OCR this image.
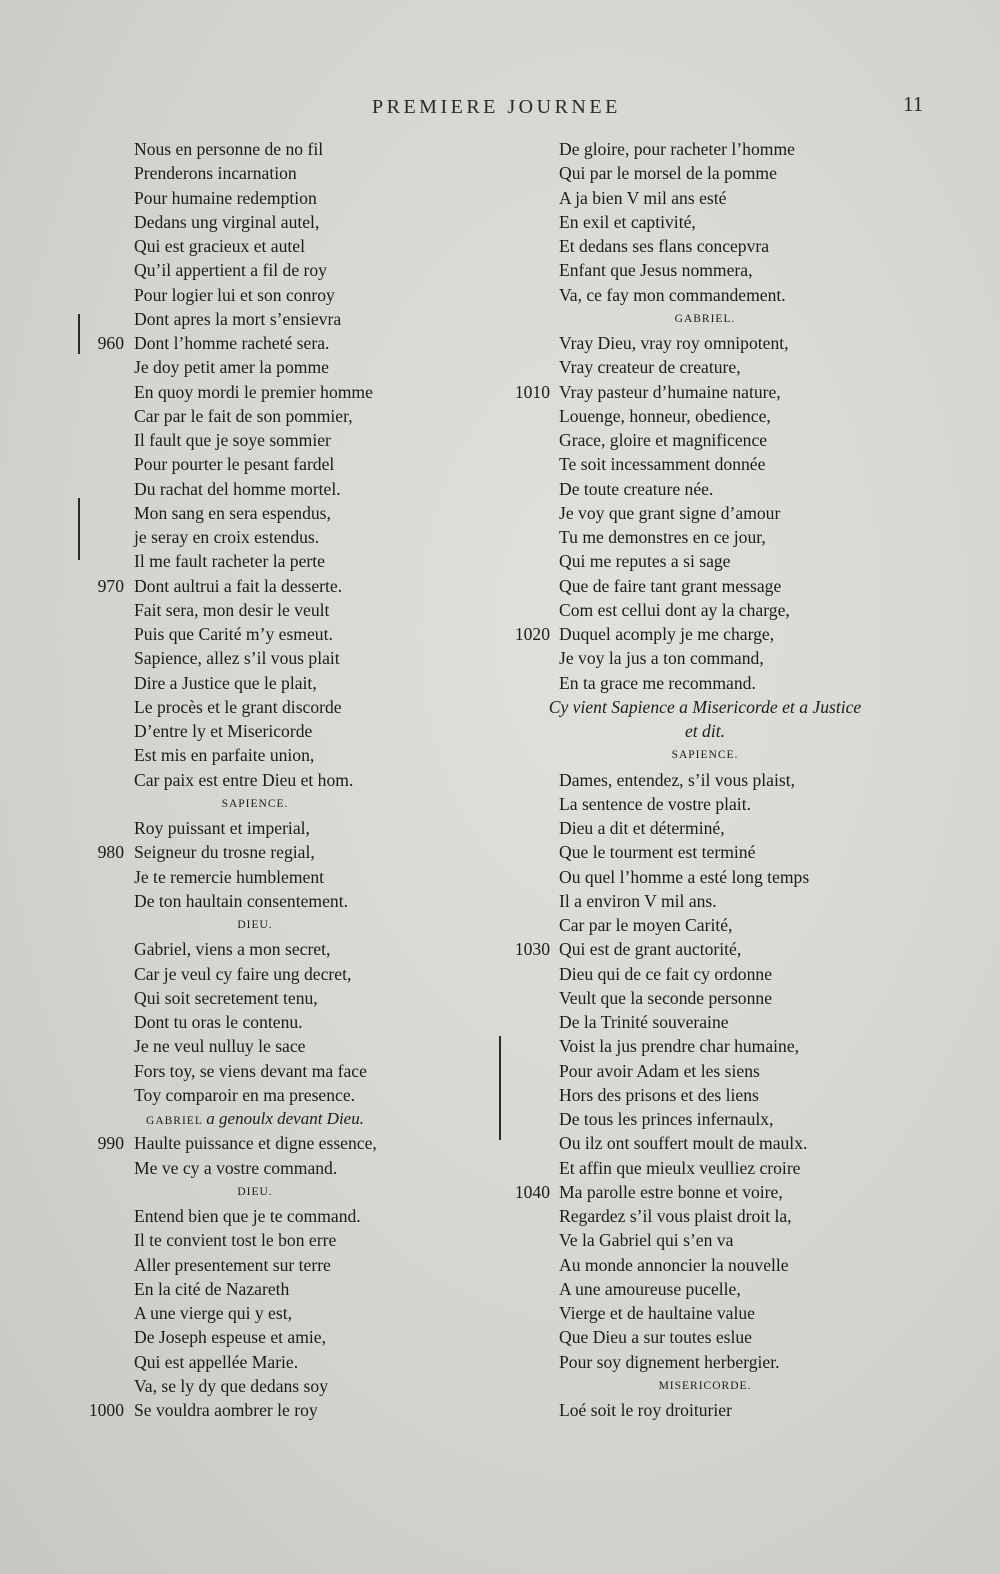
PREMIERE JOURNEE	11
Nous en personne de no fil
Prenderons incarnation
Pour humaine redemption
Dedans ung virginal autel,
Qui est gracieux et autel
Qu’il appertient a fil de roy
Pour logier lui et son conroy
Dont apres la mort s’ensievra
960 Dont l’homme racheté sera.
Je doy petit amer la pomme
En quoy mordi le premier homme
Car par le fait de son pommier,
Il fault que je soye sommier
Pour pourter le pesant fardel
Du rachat del homme mortel.
Mon sang en sera espendus,
je seray en croix estendus.
Il me fault racheter la perte
970 Dont aultrui a fait la desserte.
Fait sera, mon desir le veult
Puis que Carité m’y esmeut.
Sapience, allez s’il vous plait
Dire a Justice que le plait,
Le procès et le grant discorde
D’entre ly et Misericorde
Est mis en parfaite union,
Car paix est entre Dieu et hom.
SAPIENCE.
Roy puissant et imperial,
980 Seigneur du trosne regial,
Je te remercie humblement
De ton haultain consentement.
DIEU.
Gabriel, viens a mon secret,
Car je veul cy faire ung decret,
Qui soit secretement tenu,
Dont tu oras le contenu.
Je ne veul nulluy le sace
Fors toy, se viens devant ma face
Toy comparoir en ma presence.
GABRIEL a genoulx devant Dieu.
990 Haulte puissance et digne essence,
Me ve cy a vostre command.
DIEU.
Entend bien que je te command.
Il te convient tost le bon erre
Aller presentement sur terre
En la cité de Nazareth
A une vierge qui y est,
De Joseph espeuse et amie,
Qui est appellée Marie.
Va, se ly dy que dedans soy
1000 Se vouldra aombrer le roy
De gloire, pour racheter l’homme
Qui par le morsel de la pomme
A ja bien V mil ans esté
En exil et captivité,
Et dedans ses flans concepvra
Enfant que Jesus nommera,
Va, ce fay mon commandement.
GABRIEL.
Vray Dieu, vray roy omnipotent,
Vray createur de creature,
1010 Vray pasteur d’humaine nature,
Louenge, honneur, obedience,
Grace, gloire et magnificence
Te soit incessamment donnée
De toute creature née.
Je voy que grant signe d’amour
Tu me demonstres en ce jour,
Qui me reputes a si sage
Que de faire tant grant message
Com est cellui dont ay la charge,
1020 Duquel acomply je me charge,
Je voy la jus a ton command,
En ta grace me recommand.
Cy vient Sapience a Misericorde et a Justice
et dit.
SAPIENCE.
Dames, entendez, s’il vous plaist,
La sentence de vostre plait.
Dieu a dit et déterminé,
Que le tourment est terminé
Ou quel l’homme a esté long temps
Il a environ V mil ans.
Car par le moyen Carité,
1030 Qui est de grant auctorité,
Dieu qui de ce fait cy ordonne
Veult que la seconde personne
De la Trinité souveraine
Voist la jus prendre char humaine,
Pour avoir Adam et les siens
Hors des prisons et des liens
De tous les princes infernaulx,
Ou ilz ont souffert moult de maulx.
Et affin que mieulx veulliez croire
1040 Ma parolle estre bonne et voire,
Regardez s’il vous plaist droit la,
Ve la Gabriel qui s’en va
Au monde annoncier la nouvelle
A une amoureuse pucelle,
Vierge et de haultaine value
Que Dieu a sur toutes eslue
Pour soy dignement herbergier.
MISERICORDE.
Loé soit le roy droiturier
